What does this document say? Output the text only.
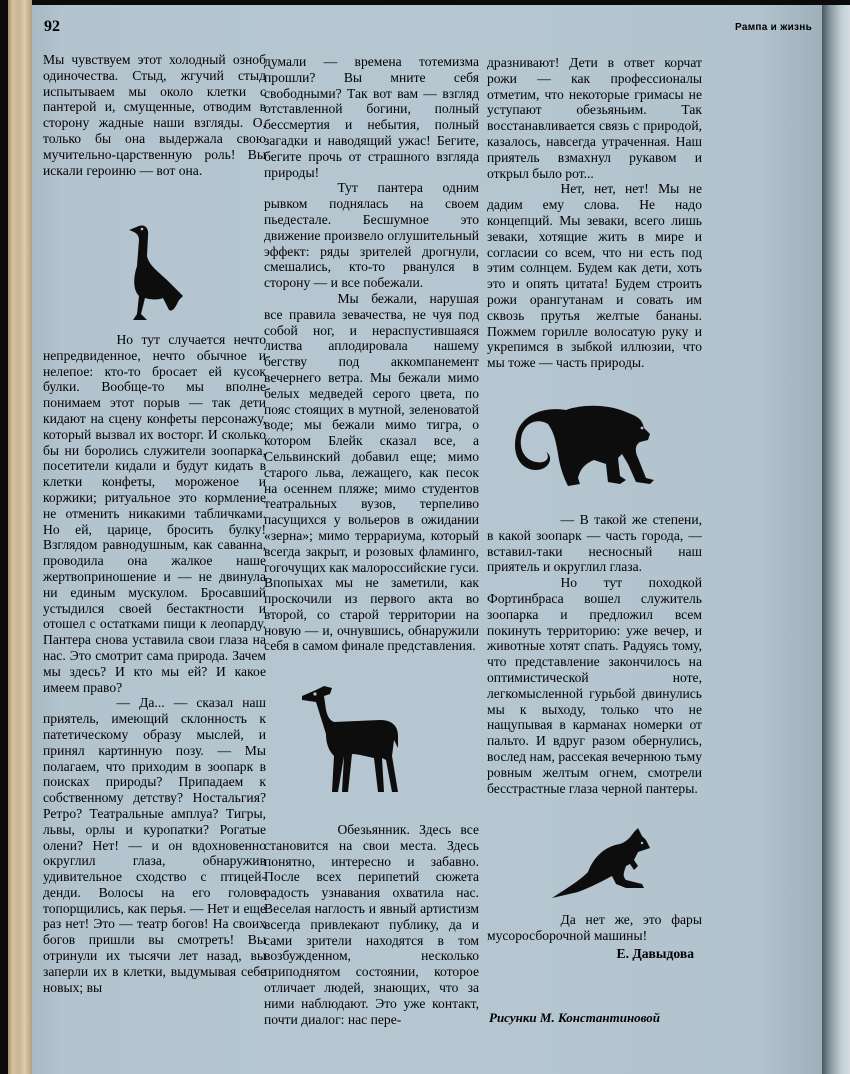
92	Рампа и жизнь

Мы чувствуем этот холодный озноб одиночества. Стыд, жгучий стыд испытываем мы около клетки с пантерой и, смущенные, отводим в сторону жадные наши взгляды. О, только бы она выдержала свою мучительно-царственную роль! Вы искали героиню — вот она.

Но тут случается нечто непредвиденное, нечто обычное и нелепое: кто-то бросает ей кусок булки. Вообще-то мы вполне понимаем этот порыв — так дети кидают на сцену конфеты персонажу, который вызвал их восторг. И сколько бы ни боролись служители зоопарка, посетители кидали и будут кидать в клетки конфеты, мороженое и коржики; ритуальное это кормление не отменить никакими табличками. Но ей, царице, бросить булку! Взглядом равнодушным, как саванна, проводила она жалкое наше жертвоприношение и — не двинула ни единым мускулом. Бросавший устыдился своей бестактности и отошел с остатками пищи к леопарду. Пантера снова уставила свои глаза на нас. Это смотрит сама природа. Зачем мы здесь? И кто мы ей? И какое имеем право?

— Да... — сказал наш приятель, имеющий склонность к патетическому образу мыслей, и принял картинную позу. — Мы полагаем, что приходим в зоопарк в поисках природы? Припадаем к собственному детству? Ностальгия? Ретро? Театральные амплуа? Тигры, львы, орлы и куропатки? Рогатые олени? Нет! — и он вдохновенно округлил глаза, обнаружив удивительное сходство с птицей-денди. Волосы на его голове топорщились, как перья. — Нет и еще раз нет! Это — театр богов! На своих богов пришли вы смотреть! Вы отринули их тысячи лет назад, вы заперли их в клетки, выдумывая себе новых; вы

думали — времена тотемизма прошли? Вы мните себя свободными? Так вот вам — взгляд отставленной богини, полный бессмертия и небытия, полный загадки и наводящий ужас! Бегите, бегите прочь от страшного взгляда природы!

Тут пантера одним рывком поднялась на своем пьедестале. Бесшумное это движение произвело оглушительный эффект: ряды зрителей дрогнули, смешались, кто-то рванулся в сторону — и все побежали.

Мы бежали, нарушая все правила зевачества, не чуя под собой ног, и нераспустившаяся листва аплодировала нашему бегству под аккомпанемент вечернего ветра. Мы бежали мимо белых медведей серого цвета, по пояс стоящих в мутной, зеленоватой воде; мы бежали мимо тигра, о котором Блейк сказал все, а Сельвинский добавил еще; мимо старого льва, лежащего, как песок на осеннем пляже; мимо студентов театральных вузов, терпеливо пасущихся у вольеров в ожидании «зерна»; мимо террариума, который всегда закрыт, и розовых фламинго, гогочущих как малороссийские гуси. Впопыхах мы не заметили, как проскочили из первого акта во второй, со старой территории на новую — и, очнувшись, обнаружили себя в самом финале представления.

Обезьянник. Здесь все становится на свои места. Здесь понятно, интересно и забавно. После всех перипетий сюжета радость узнавания охватила нас. Веселая наглость и явный артистизм всегда привлекают публику, да и сами зрители находятся в том возбужденном, несколько приподнятом состоянии, которое отличает людей, знающих, что за ними наблюдают. Это уже контакт, почти диалог: нас пере-

дразнивают! Дети в ответ корчат рожи — как профессионалы отметим, что некоторые гримасы не уступают обезьяньим. Так восстанавливается связь с природой, казалось, навсегда утраченная. Наш приятель взмахнул рукавом и открыл было рот...

Нет, нет, нет! Мы не дадим ему слова. Не надо концепций. Мы зеваки, всего лишь зеваки, хотящие жить в мире и согласии со всем, что ни есть под этим солнцем. Будем как дети, хоть это и опять цитата! Будем строить рожи орангутанам и совать им сквозь прутья желтые бананы. Пожмем горилле волосатую руку и укрепимся в зыбкой иллюзии, что мы тоже — часть природы.

— В такой же степени, в какой зоопарк — часть города, — вставил-таки несносный наш приятель и округлил глаза.

Но тут походкой Фортинбраса вошел служитель зоопарка и предложил всем покинуть территорию: уже вечер, и животные хотят спать. Радуясь тому, что представление закончилось на оптимистической ноте, легкомысленной гурьбой двинулись мы к выходу, только что не нащупывая в карманах номерки от пальто. И вдруг разом обернулись, вослед нам, рассекая вечернюю тьму ровным желтым огнем, смотрели бесстрастные глаза черной пантеры.

Да нет же, это фары мусоросборочной машины!

Е. Давыдова
Рисунки М. Константиновой
